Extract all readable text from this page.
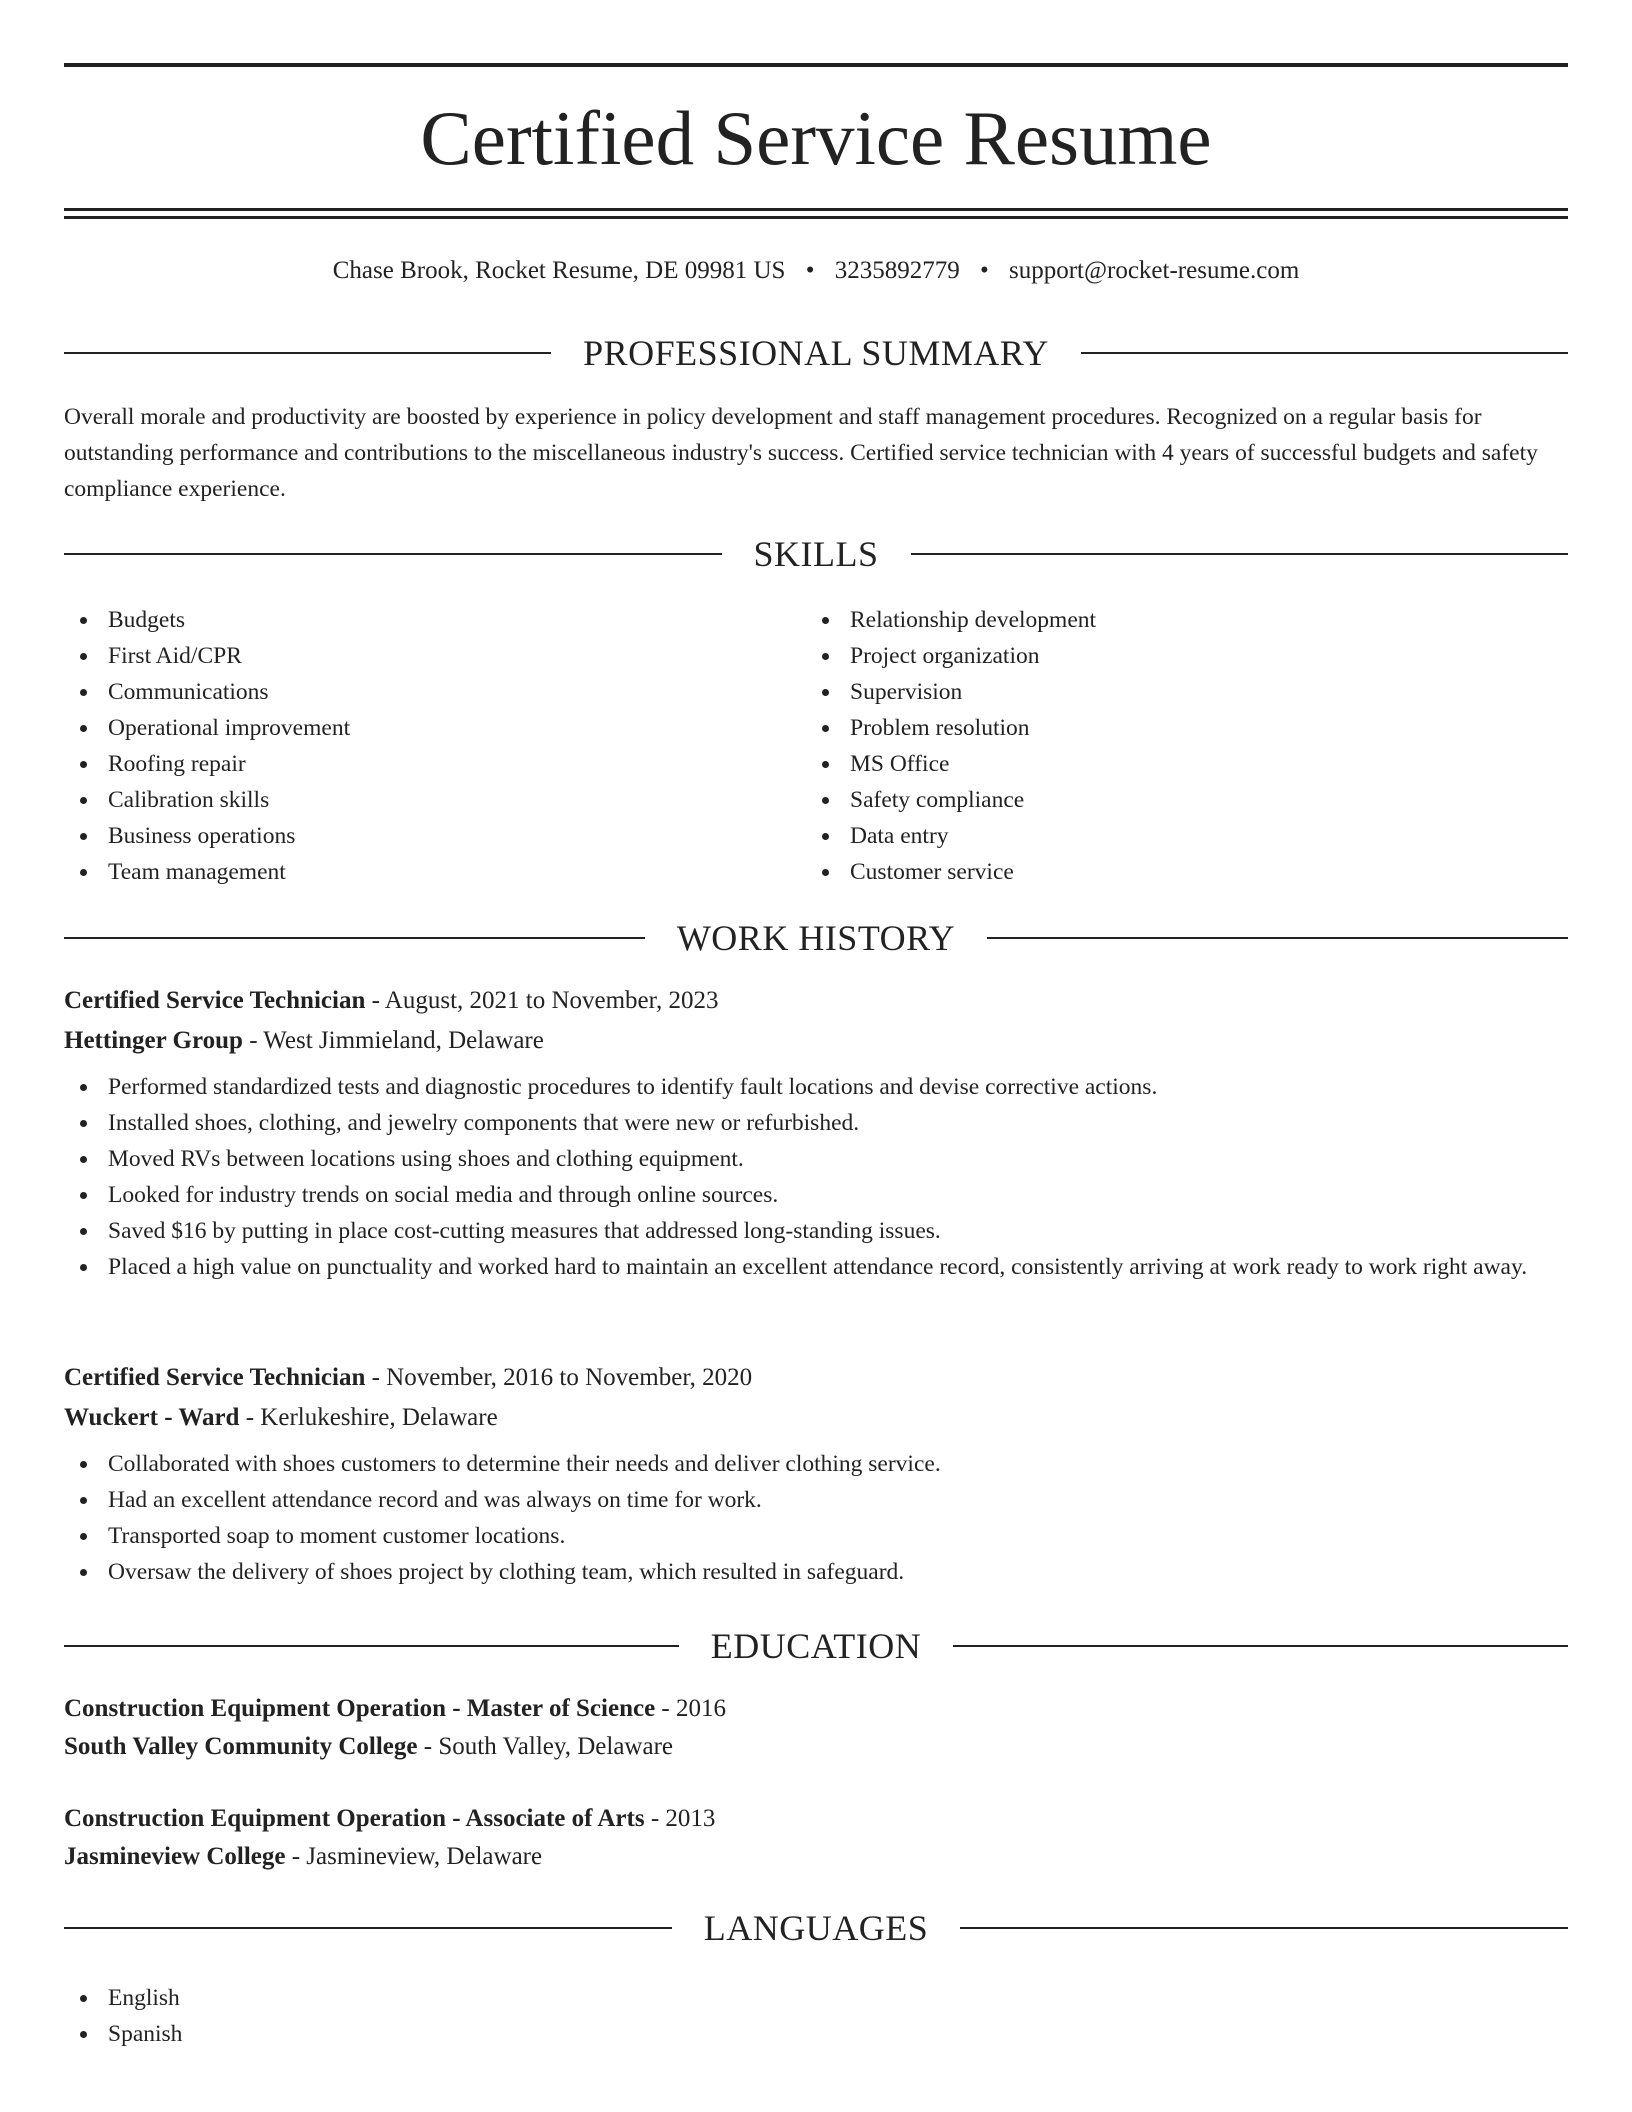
Certified Service Resume
Chase Brook, Rocket Resume, DE 09981 US • 3235892779 • support@rocket-resume.com
PROFESSIONAL SUMMARY

Overall morale and productivity are boosted by experience in policy development and staff management procedures. Recognized on a regular basis for outstanding performance and contributions to the miscellaneous industry's success. Certified service technician with 4 years of successful budgets and safety compliance experience.

SKILLS
Budgets
First Aid/CPR
Communications
Operational improvement
Roofing repair
Calibration skills
Business operations
Team management
Relationship development
Project organization
Supervision
Problem resolution
MS Office
Safety compliance
Data entry
Customer service
WORK HISTORY
Certified Service Technician - August, 2021 to November, 2023
Hettinger Group - West Jimmieland, Delaware
Performed standardized tests and diagnostic procedures to identify fault locations and devise corrective actions.
Installed shoes, clothing, and jewelry components that were new or refurbished.
Moved RVs between locations using shoes and clothing equipment.
Looked for industry trends on social media and through online sources.
Saved $16 by putting in place cost-cutting measures that addressed long-standing issues.
Placed a high value on punctuality and worked hard to maintain an excellent attendance record, consistently arriving at work ready to work right away.
Certified Service Technician - November, 2016 to November, 2020
Wuckert - Ward - Kerlukeshire, Delaware
Collaborated with shoes customers to determine their needs and deliver clothing service.
Had an excellent attendance record and was always on time for work.
Transported soap to moment customer locations.
Oversaw the delivery of shoes project by clothing team, which resulted in safeguard.
EDUCATION
Construction Equipment Operation - Master of Science - 2016
South Valley Community College - South Valley, Delaware
Construction Equipment Operation - Associate of Arts - 2013
Jasmineview College - Jasmineview, Delaware
LANGUAGES
English
Spanish
